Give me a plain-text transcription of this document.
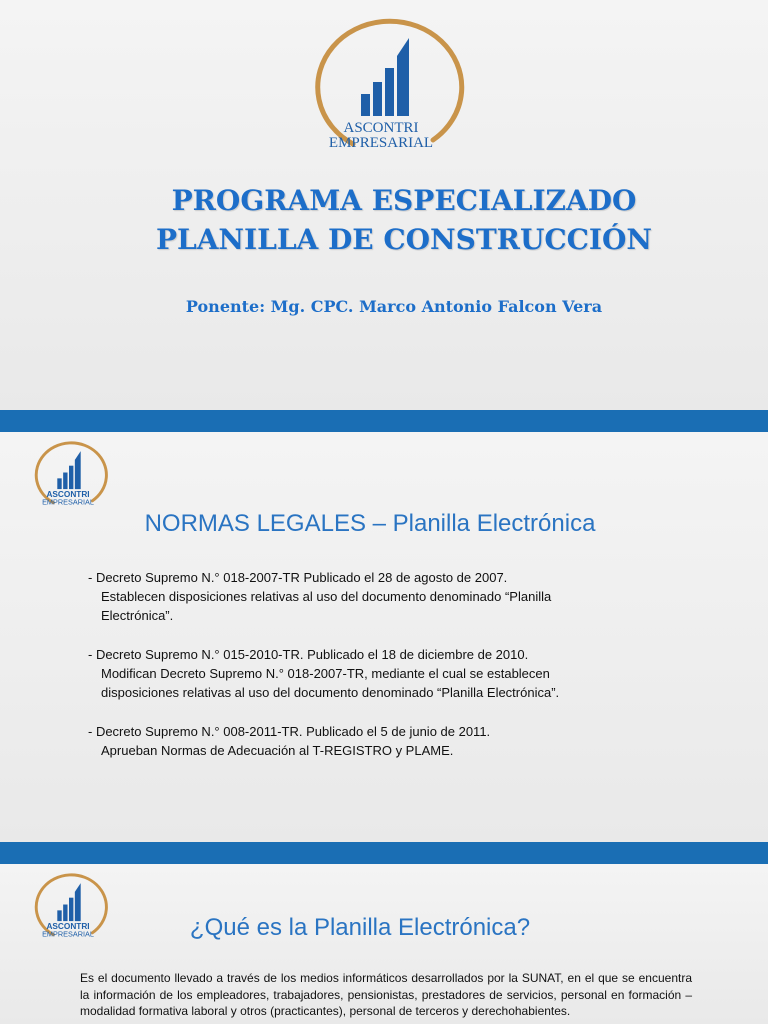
ASCONTRI
EMPRESARIAL
PROGRAMA ESPECIALIZADO
PLANILLA DE CONSTRUCCIÓN
Ponente: Mg. CPC. Marco Antonio Falcon Vera
ASCONTRI
EMPRESARIAL
NORMAS LEGALES – Planilla Electrónica
- Decreto Supremo N.° 018-2007-TR Publicado el 28 de agosto de 2007.
Establecen disposiciones relativas al uso del documento denominado “Planilla
Electrónica”.
- Decreto Supremo N.° 015-2010-TR. Publicado el 18 de diciembre de 2010.
Modifican Decreto Supremo N.° 018-2007-TR, mediante el cual se establecen
disposiciones relativas al uso del documento denominado “Planilla Electrónica”.
- Decreto Supremo N.° 008-2011-TR. Publicado el 5 de junio de 2011.
Aprueban Normas de Adecuación al T-REGISTRO y PLAME.
ASCONTRI
EMPRESARIAL	¿Qué es la Planilla Electrónica?
Es el documento llevado a través de los medios informáticos desarrollados por la SUNAT, en el que se encuentra la información de los empleadores, trabajadores, pensionistas, prestadores de servicios, personal en formación – modalidad formativa laboral y otros (practicantes), personal de terceros y derechohabientes.
